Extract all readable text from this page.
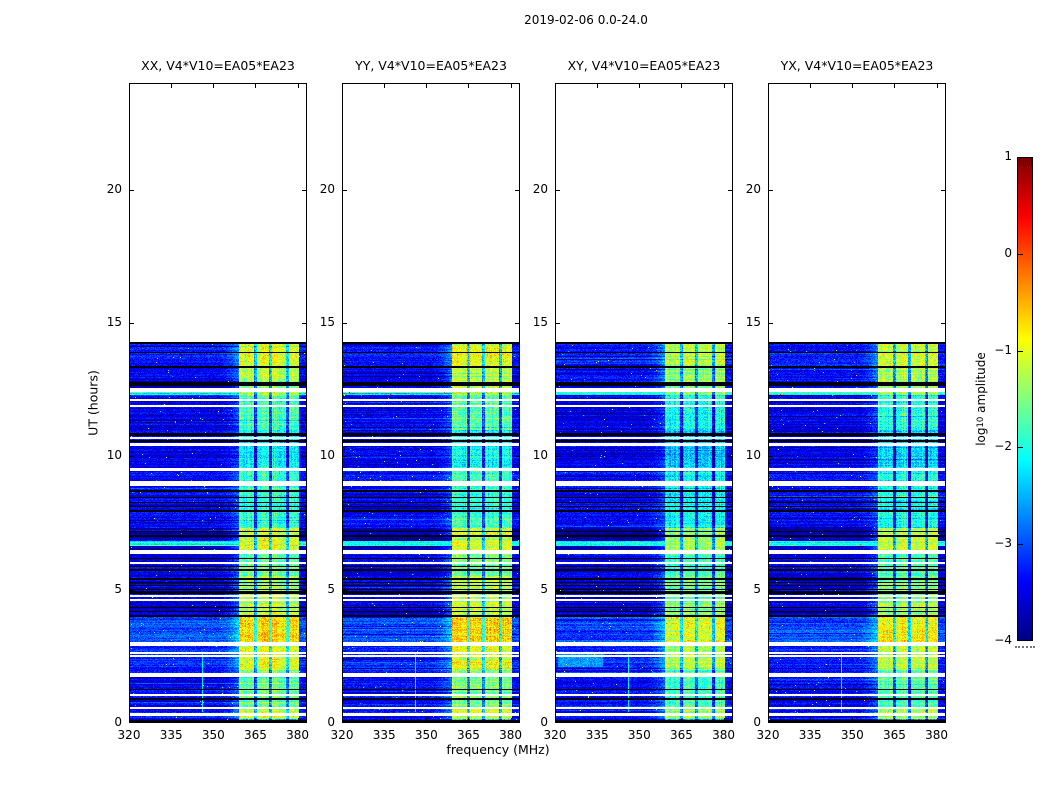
2019-02-06 0.0-24.0
XX, V4*V10=EA05*EA23	YY, V4*V10=EA05*EA23	XY, V4*V10=EA05*EA23	YX, V4*V10=EA05*EA23
UT (hours)
frequency (MHz)
log10 amplitude
0
5
10
15
20
320	335	350	365	380
0
5
10
15
20
320	335	350	365	380
0
5
10
15
20
320	335	350	365	380
0
5
10
15
20
320	335	350	365	380
1
0
−1
−2
−3
−4
